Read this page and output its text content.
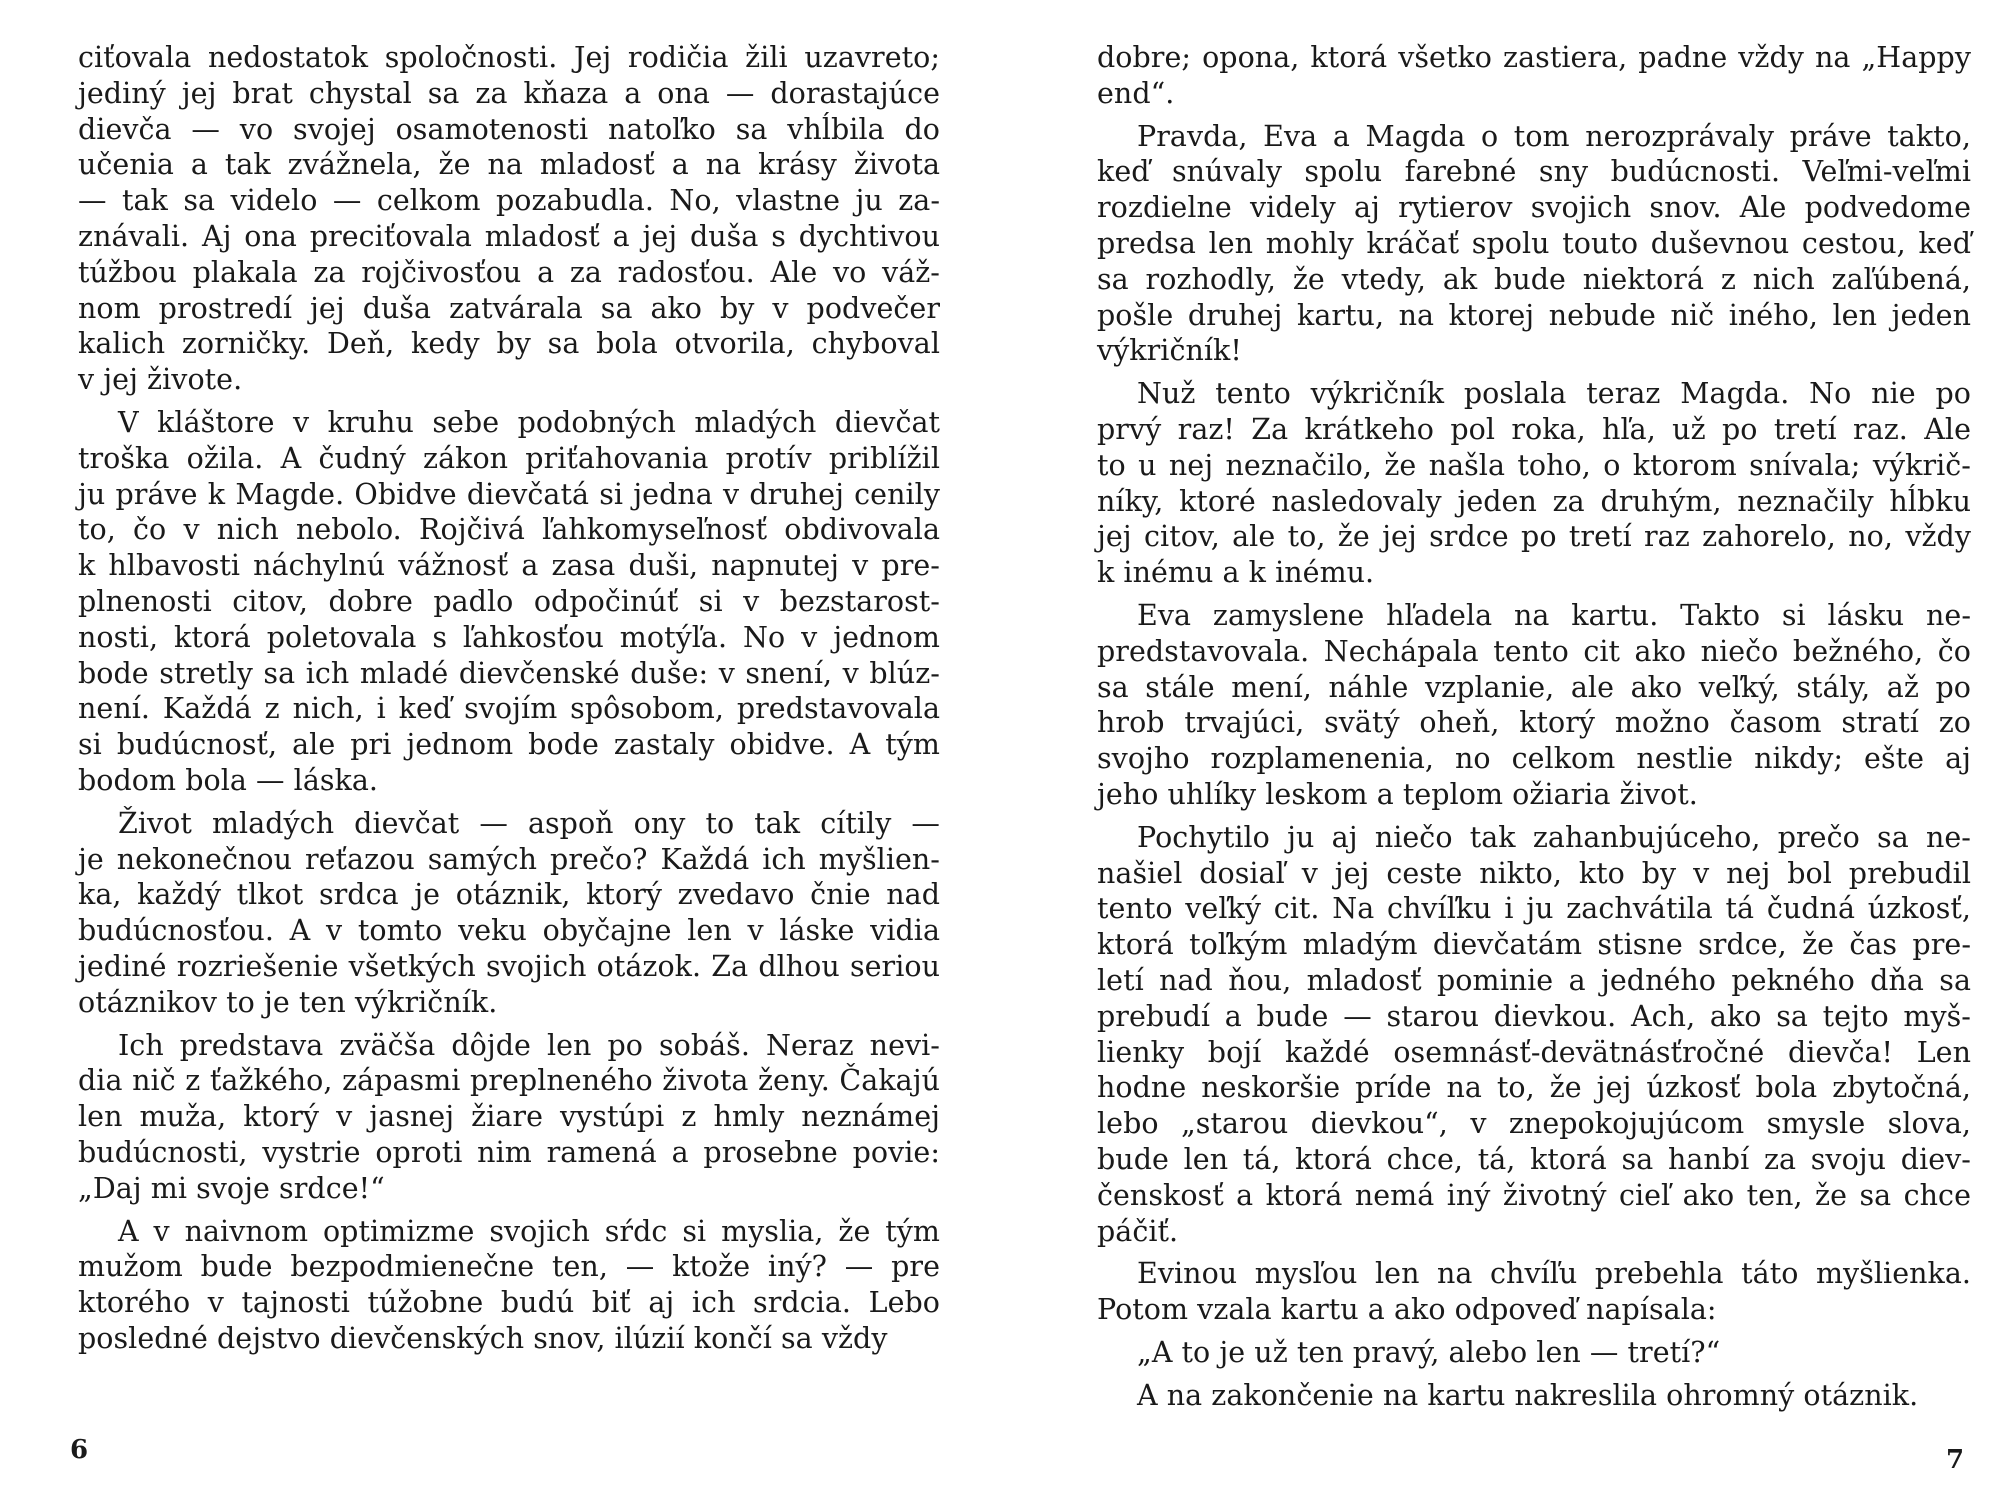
ciťovala nedostatok spoločnosti. Jej rodičia žili uzavreto;
jediný jej brat chystal sa za kňaza a ona — dorastajúce
dievča — vo svojej osamotenosti natoľko sa vhĺbila do
učenia a tak zvážnela, že na mladosť a na krásy života
— tak sa videlo — celkom pozabudla. No, vlastne ju za-
znávali. Aj ona preciťovala mladosť a jej duša s dychtivou
túžbou plakala za rojčivosťou a za radosťou. Ale vo váž-
nom prostredí jej duša zatvárala sa ako by v podvečer
kalich zorničky. Deň, kedy by sa bola otvorila, chyboval
v jej živote.
V kláštore v kruhu sebe podobných mladých dievčat
troška ožila. A čudný zákon priťahovania protív priblížil
ju práve k Magde. Obidve dievčatá si jedna v druhej cenily
to, čo v nich nebolo. Rojčivá ľahkomyseľnosť obdivovala
k hlbavosti náchylnú vážnosť a zasa duši, napnutej v pre-
plnenosti citov, dobre padlo odpočinúť si v bezstarost-
nosti, ktorá poletovala s ľahkosťou motýľa. No v jednom
bode stretly sa ich mladé dievčenské duše: v snení, v blúz-
není. Každá z nich, i keď svojím spôsobom, predstavovala
si budúcnosť, ale pri jednom bode zastaly obidve. A tým
bodom bola — láska.
Život mladých dievčat — aspoň ony to tak cítily —
je nekonečnou reťazou samých prečo? Každá ich myšlien-
ka, každý tlkot srdca je otáznik, ktorý zvedavo čnie nad
budúcnosťou. A v tomto veku obyčajne len v láske vidia
jediné rozriešenie všetkých svojich otázok. Za dlhou seriou
otáznikov to je ten výkričník.
Ich predstava zväčša dôjde len po sobáš. Neraz nevi-
dia nič z ťažkého, zápasmi preplneného života ženy. Čakajú
len muža, ktorý v jasnej žiare vystúpi z hmly neznámej
budúcnosti, vystrie oproti nim ramená a prosebne povie:
„Daj mi svoje srdce!“
A v naivnom optimizme svojich sŕdc si myslia, že tým
mužom bude bezpodmienečne ten, — ktože iný? — pre
ktorého v tajnosti túžobne budú biť aj ich srdcia. Lebo
posledné dejstvo dievčenských snov, ilúzií končí sa vždy
6
dobre; opona, ktorá všetko zastiera, padne vždy na „Happy
end“.
Pravda, Eva a Magda o tom nerozprávaly práve takto,
keď snúvaly spolu farebné sny budúcnosti. Veľmi-veľmi
rozdielne videly aj rytierov svojich snov. Ale podvedome
predsa len mohly kráčať spolu touto duševnou cestou, keď
sa rozhodly, že vtedy, ak bude niektorá z nich zaľúbená,
pošle druhej kartu, na ktorej nebude nič iného, len jeden
výkričník!
Nuž tento výkričník poslala teraz Magda. No nie po
prvý raz! Za krátkeho pol roka, hľa, už po tretí raz. Ale
to u nej neznačilo, že našla toho, o ktorom snívala; výkrič-
níky, ktoré nasledovaly jeden za druhým, neznačily hĺbku
jej citov, ale to, že jej srdce po tretí raz zahorelo, no, vždy
k inému a k inému.
Eva zamyslene hľadela na kartu. Takto si lásku ne-
predstavovala. Nechápala tento cit ako niečo bežného, čo
sa stále mení, náhle vzplanie, ale ako veľký, stály, až po
hrob trvajúci, svätý oheň, ktorý možno časom stratí zo
svojho rozplamenenia, no celkom nestlie nikdy; ešte aj
jeho uhlíky leskom a teplom ožiaria život.
Pochytilo ju aj niečo tak zahanbujúceho, prečo sa ne-
našiel dosiaľ v jej ceste nikto, kto by v nej bol prebudil
tento veľký cit. Na chvíľku i ju zachvátila tá čudná úzkosť,
ktorá toľkým mladým dievčatám stisne srdce, že čas pre-
letí nad ňou, mladosť pominie a jedného pekného dňa sa
prebudí a bude — starou dievkou. Ach, ako sa tejto myš-
lienky bojí každé osemnásť-devätnásťročné dievča! Len
hodne neskoršie príde na to, že jej úzkosť bola zbytočná,
lebo „starou dievkou“, v znepokojujúcom smysle slova,
bude len tá, ktorá chce, tá, ktorá sa hanbí za svoju diev-
čenskosť a ktorá nemá iný životný cieľ ako ten, že sa chce
páčiť.
Evinou mysľou len na chvíľu prebehla táto myšlienka.
Potom vzala kartu a ako odpoveď napísala:
„A to je už ten pravý, alebo len — tretí?“
A na zakončenie na kartu nakreslila ohromný otáznik.
7
